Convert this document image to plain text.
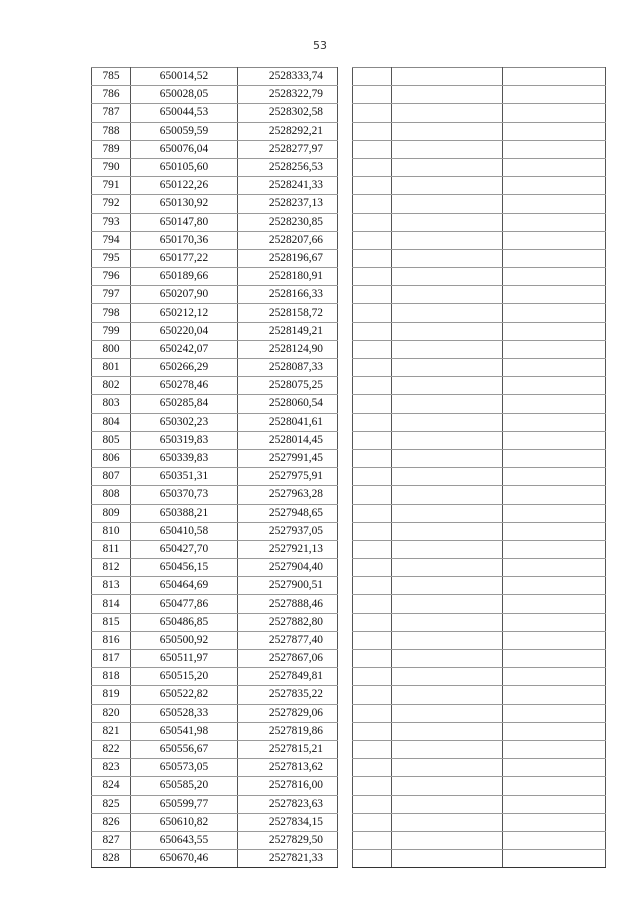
53
785	650014,52	2528333,74
786	650028,05	2528322,79
787	650044,53	2528302,58
788	650059,59	2528292,21
789	650076,04	2528277,97
790	650105,60	2528256,53
791	650122,26	2528241,33
792	650130,92	2528237,13
793	650147,80	2528230,85
794	650170,36	2528207,66
795	650177,22	2528196,67
796	650189,66	2528180,91
797	650207,90	2528166,33
798	650212,12	2528158,72
799	650220,04	2528149,21
800	650242,07	2528124,90
801	650266,29	2528087,33
802	650278,46	2528075,25
803	650285,84	2528060,54
804	650302,23	2528041,61
805	650319,83	2528014,45
806	650339,83	2527991,45
807	650351,31	2527975,91
808	650370,73	2527963,28
809	650388,21	2527948,65
810	650410,58	2527937,05
811	650427,70	2527921,13
812	650456,15	2527904,40
813	650464,69	2527900,51
814	650477,86	2527888,46
815	650486,85	2527882,80
816	650500,92	2527877,40
817	650511,97	2527867,06
818	650515,20	2527849,81
819	650522,82	2527835,22
820	650528,33	2527829,06
821	650541,98	2527819,86
822	650556,67	2527815,21
823	650573,05	2527813,62
824	650585,20	2527816,00
825	650599,77	2527823,63
826	650610,82	2527834,15
827	650643,55	2527829,50
828	650670,46	2527821,33
